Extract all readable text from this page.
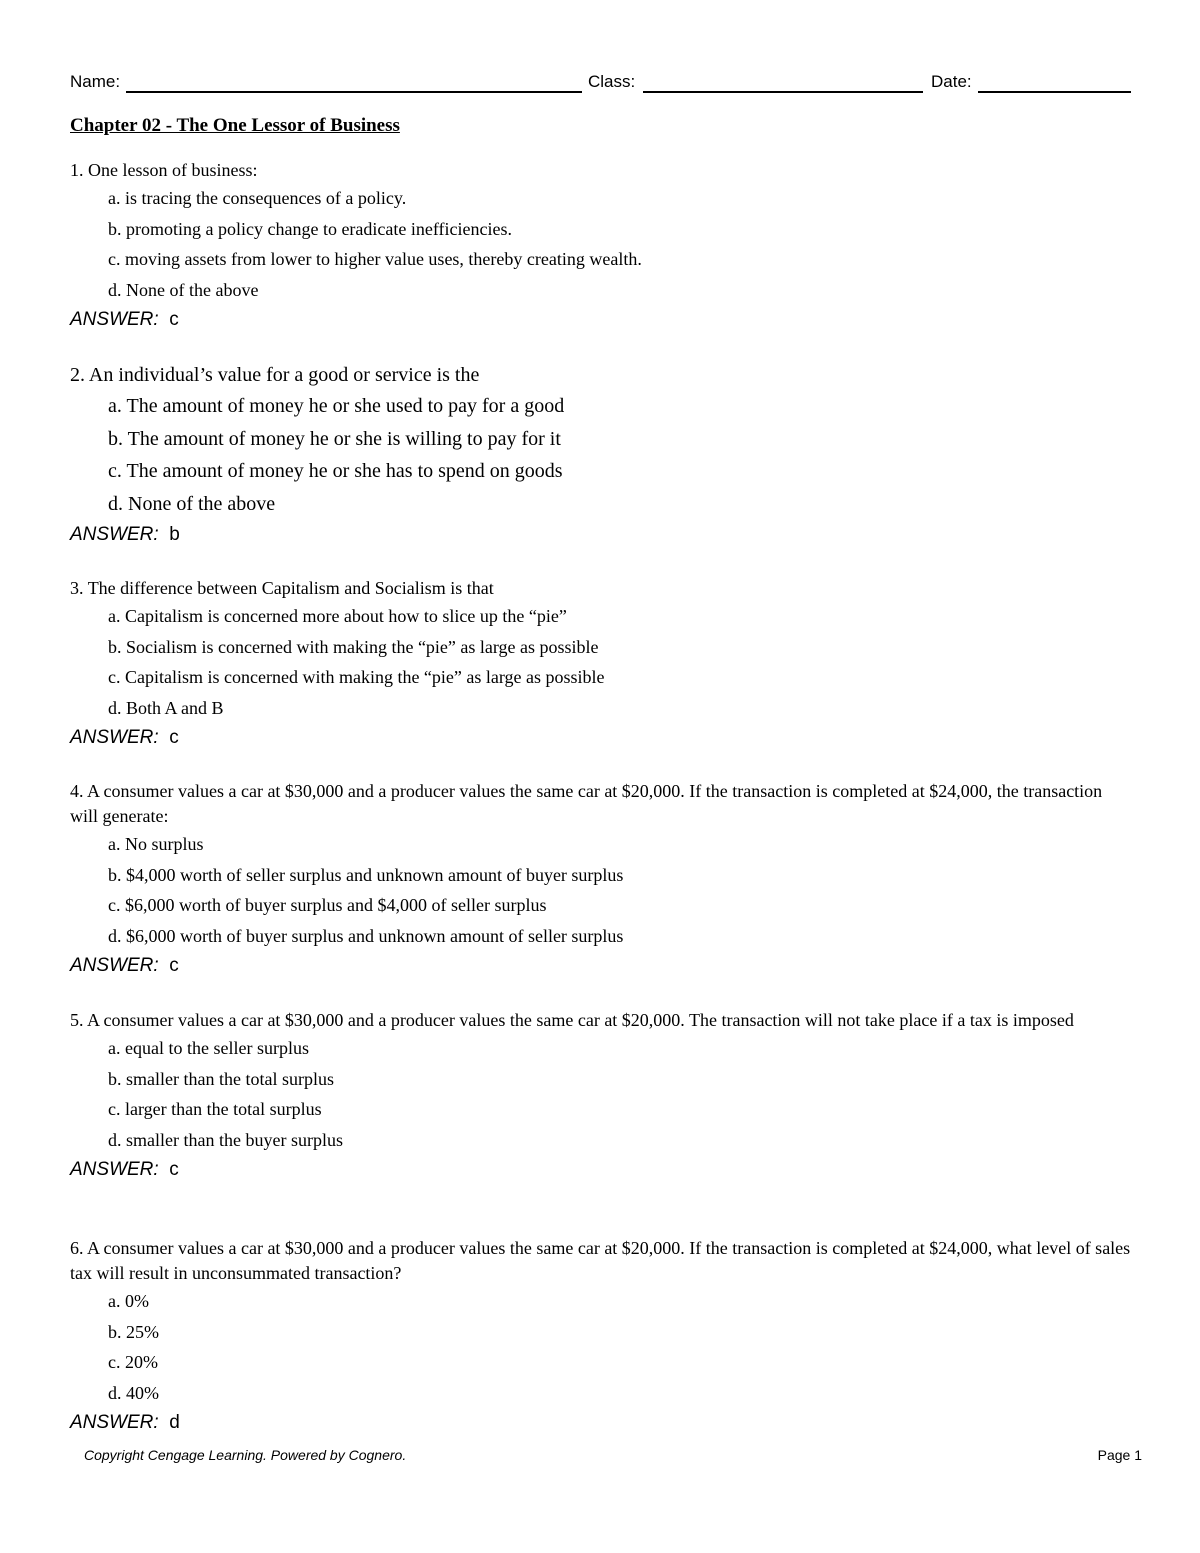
Name:	Class:	Date:
Chapter 02 - The One Lessor of Business

1. One lesson of business:

a. is tracing the consequences of a policy.

b. promoting a policy change to eradicate inefficiencies.

c. moving assets from lower to higher value uses, thereby creating wealth.

d. None of the above

ANSWER: c

2. An individual’s value for a good or service is the

a. The amount of money he or she used to pay for a good

b. The amount of money he or she is willing to pay for it

c. The amount of money he or she has to spend on goods

d. None of the above

ANSWER: b

3. The difference between Capitalism and Socialism is that

a. Capitalism is concerned more about how to slice up the “pie”

b. Socialism is concerned with making the “pie” as large as possible

c. Capitalism is concerned with making the “pie” as large as possible

d. Both A and B

ANSWER: c

4. A consumer values a car at $30,000 and a producer values the same car at $20,000. If the transaction is completed at $24,000, the transaction will generate:

a. No surplus

b. $4,000 worth of seller surplus and unknown amount of buyer surplus

c. $6,000 worth of buyer surplus and $4,000 of seller surplus

d. $6,000 worth of buyer surplus and unknown amount of seller surplus

ANSWER: c

5. A consumer values a car at $30,000 and a producer values the same car at $20,000. The transaction will not take place if a tax is imposed

a. equal to the seller surplus

b. smaller than the total surplus

c. larger than the total surplus

d. smaller than the buyer surplus

ANSWER: c

6. A consumer values a car at $30,000 and a producer values the same car at $20,000. If the transaction is completed at $24,000, what level of sales tax will result in unconsummated transaction?

a. 0%

b. 25%

c. 20%

d. 40%

ANSWER: d

Copyright Cengage Learning. Powered by Cognero.	Page 1
